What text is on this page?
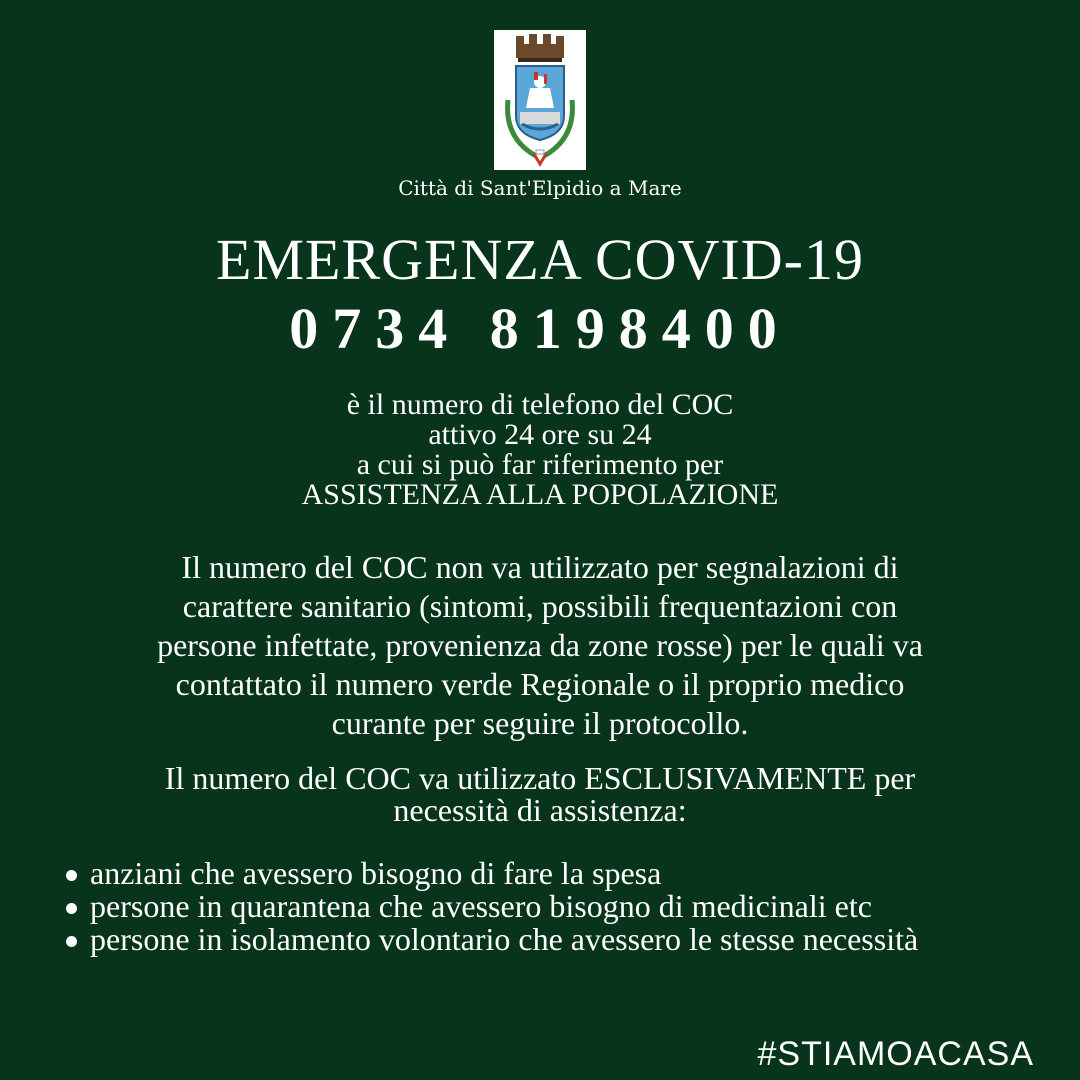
Città di Sant'Elpidio a Mare
EMERGENZA COVID-19
0734 8198400
è il numero di telefono del COC
attivo 24 ore su 24
a cui si può far riferimento per
ASSISTENZA ALLA POPOLAZIONE
Il numero del COC non va utilizzato per segnalazioni di
carattere sanitario (sintomi, possibili frequentazioni con
persone infettate, provenienza da zone rosse) per le quali va
contattato il numero verde Regionale o il proprio medico
curante per seguire il protocollo.
Il numero del COC va utilizzato ESCLUSIVAMENTE per
necessità di assistenza:
anziani che avessero bisogno di fare la spesa
persone in quarantena che avessero bisogno di medicinali etc
persone in isolamento volontario che avessero le stesse necessità
#STIAMOACASA
